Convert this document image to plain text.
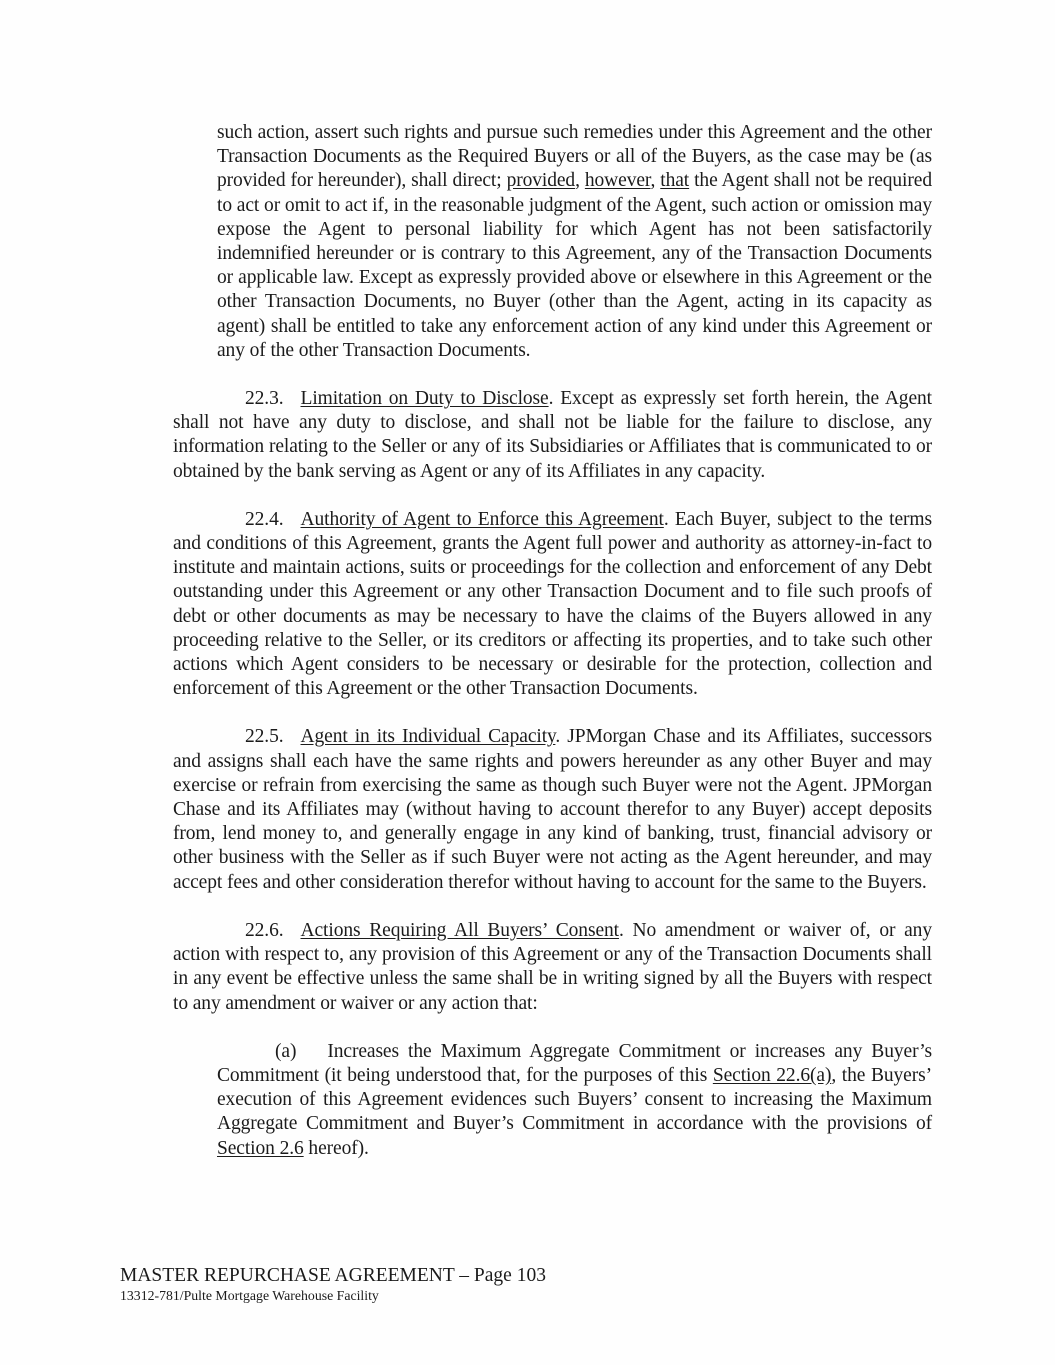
such action, assert such rights and pursue such remedies under this Agreement and the other Transaction Documents as the Required Buyers or all of the Buyers, as the case may be (as provided for hereunder), shall direct; provided, however, that the Agent shall not be required to act or omit to act if, in the reasonable judgment of the Agent, such action or omission may expose the Agent to personal liability for which Agent has not been satisfactorily indemnified hereunder or is contrary to this Agreement, any of the Transaction Documents or applicable law. Except as expressly provided above or elsewhere in this Agreement or the other Transaction Documents, no Buyer (other than the Agent, acting in its capacity as agent) shall be entitled to take any enforcement action of any kind under this Agreement or any of the other Transaction Documents.

22.3. Limitation on Duty to Disclose. Except as expressly set forth herein, the Agent shall not have any duty to disclose, and shall not be liable for the failure to disclose, any information relating to the Seller or any of its Subsidiaries or Affiliates that is communicated to or obtained by the bank serving as Agent or any of its Affiliates in any capacity.

22.4. Authority of Agent to Enforce this Agreement. Each Buyer, subject to the terms and conditions of this Agreement, grants the Agent full power and authority as attorney-in-fact to institute and maintain actions, suits or proceedings for the collection and enforcement of any Debt outstanding under this Agreement or any other Transaction Document and to file such proofs of debt or other documents as may be necessary to have the claims of the Buyers allowed in any proceeding relative to the Seller, or its creditors or affecting its properties, and to take such other actions which Agent considers to be necessary or desirable for the protection, collection and enforcement of this Agreement or the other Transaction Documents.

22.5. Agent in its Individual Capacity. JPMorgan Chase and its Affiliates, successors and assigns shall each have the same rights and powers hereunder as any other Buyer and may exercise or refrain from exercising the same as though such Buyer were not the Agent. JPMorgan Chase and its Affiliates may (without having to account therefor to any Buyer) accept deposits from, lend money to, and generally engage in any kind of banking, trust, financial advisory or other business with the Seller as if such Buyer were not acting as the Agent hereunder, and may accept fees and other consideration therefor without having to account for the same to the Buyers.

22.6. Actions Requiring All Buyers’ Consent. No amendment or waiver of, or any action with respect to, any provision of this Agreement or any of the Transaction Documents shall in any event be effective unless the same shall be in writing signed by all the Buyers with respect to any amendment or waiver or any action that:

(a) Increases the Maximum Aggregate Commitment or increases any Buyer’s Commitment (it being understood that, for the purposes of this Section 22.6(a), the Buyers’ execution of this Agreement evidences such Buyers’ consent to increasing the Maximum Aggregate Commitment and Buyer’s Commitment in accordance with the provisions of Section 2.6 hereof).

MASTER REPURCHASE AGREEMENT – Page 103
13312-781/Pulte Mortgage Warehouse Facility
